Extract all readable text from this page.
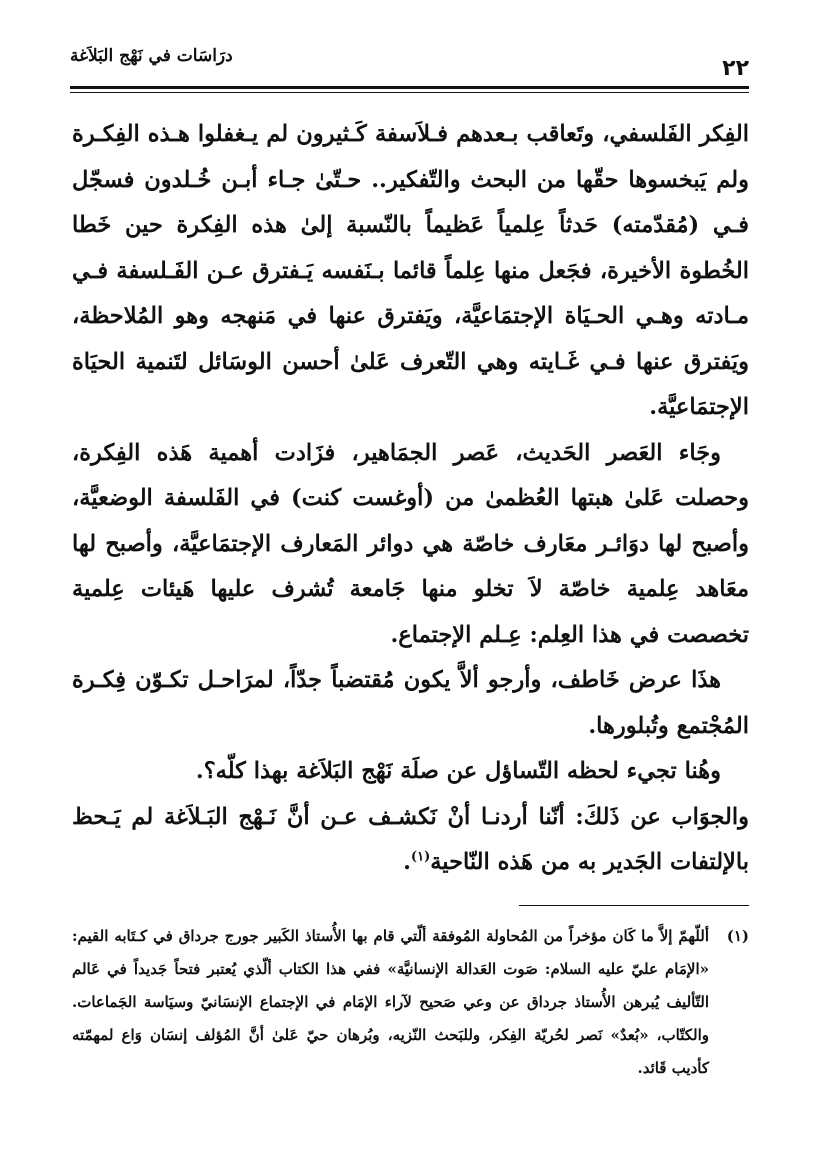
٢٢
درَاسَات في نَهْج البَلاَغة

الفِكر الفَلسفي، وتَعاقب بـعدهم فـلاَسفة كَـثيرون لم يـغفلوا هـذه الفِكـرة ولم يَبخسوها حقّها من البحث والتّفكير.. حـتّىٰ جـاء أبـن خُـلدون فسجّل فـي (مُقدّمته) حَدثاً عِلمياً عَظيماً بالنّسبة إلىٰ هذه الفِكرة حين خَطا الخُطوة الأخيرة، فجَعل منها عِلماً قائما بـنَفسه يَـفترق عـن الفَـلسفة فـي مـادته وهـي الحـيَاة الإجتمَاعيَّة، ويَفترق عنها في مَنهجه وهو المُلاحظة، ويَفترق عنها فـي غَـايته وهي التّعرف عَلىٰ أحسن الوسَائل لتَنمية الحيَاة الإجتمَاعيَّة.

وجَاء العَصر الحَديث، عَصر الجمَاهير، فزَادت أهمية هَذه الفِكرة، وحصلت عَلىٰ هبتها العُظمىٰ من (أوغست كنت) في الفَلسفة الوضعيَّة، وأصبح لها دوَائـر معَارف خاصّة هي دوائر المَعارف الإجتمَاعيَّة، وأصبح لها معَاهد عِلمية خاصّة لاَ تخلو منها جَامعة تُشرف عليها هَيئات عِلمية تخصصت في هذا العِلم: عِـلم الإجتماع.

هذَا عرض خَاطف، وأرجو ألاَّ يكون مُقتضباً جدّاً، لمرَاحـل تكـوّن فِكـرة المُجْتمع وتُبلورها.

وهُنا تجيء لحظه التّساؤل عن صلَة نَهْج البَلاَغة بهذا كلّه؟.

والجوَاب عن ذَلكَ: أنّنا أردنـا أنْ نَكشـف عـن أنَّ نَـهْج البَـلاَغة لم يَـحظ بالإلتفات الجَدير به من هَذه النّاحية$^{(١)}$.

(١)
أللّهمّ إلاَّ ما كَان مؤخراً من المُحاولة المُوفقة ألّتي قام بها الأُستاذ الكَبير جورج جرداق في كـتَابه القيم: «الإمَام عليّ عليه السلام: صَوت العَدالة الإنسانيَّة» ففي هذا الكتاب ألّذي يُعتبر فتحاً جَديداً في عَالم التّأليف يُبرهن الأُستاذ جرداق عن وعي صَحيح لآراء الإمَام في الإجتماع الإنسَانيّ وسيَاسة الجَماعات. والكتّاب، «بُعدٌ» نَصر لحُريّة الفِكر، وللبَحث النّزيه، وبُرهان حيّ عَلىٰ أنَّ المُؤلف إنسَان وَاع لمهمّته كأديب قَائد.
